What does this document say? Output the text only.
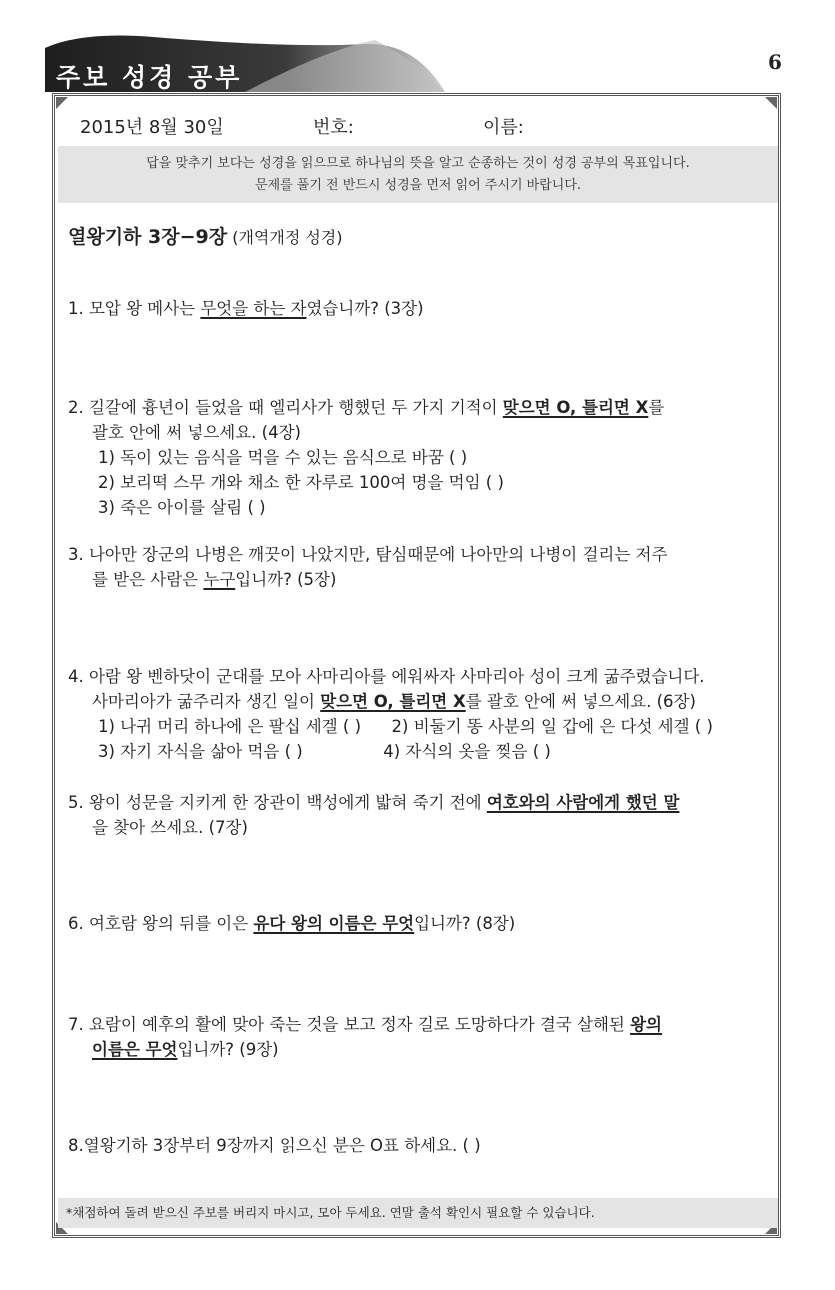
주보 성경 공부
6
2015년 8월 30일	번호:	이름:
답을 맞추기 보다는 성경을 읽으므로 하나님의 뜻을 알고 순종하는 것이 성경 공부의 목표입니다.
문제를 풀기 전 반드시 성경을 먼저 읽어 주시기 바랍니다.
열왕기하 3장−9장 (개역개정 성경)
1. 모압 왕 메사는 무엇을 하는 자였습니까? (3장)
2. 길갈에 흉년이 들었을 때 엘리사가 행했던 두 가지 기적이 맞으면 O, 틀리면 X를
괄호 안에 써 넣으세요. (4장)
1) 독이 있는 음식을 먹을 수 있는 음식으로 바꿈 ( )
2) 보리떡 스무 개와 채소 한 자루로 100여 명을 먹임 ( )
3) 죽은 아이를 살림 ( )
3. 나아만 장군의 나병은 깨끗이 나았지만, 탐심때문에 나아만의 나병이 걸리는 저주
를 받은 사람은 누구입니까? (5장)
4. 아람 왕 벤하닷이 군대를 모아 사마리아를 에워싸자 사마리아 성이 크게 굶주렸습니다.
사마리아가 굶주리자 생긴 일이 맞으면 O, 틀리면 X를 괄호 안에 써 넣으세요. (6장)
1) 나귀 머리 하나에 은 팔십 세겔 ( ) 2) 비둘기 똥 사분의 일 갑에 은 다섯 세겔 ( )
3) 자기 자식을 삶아 먹음 ( )	4) 자식의 옷을 찢음 ( )
5. 왕이 성문을 지키게 한 장관이 백성에게 밟혀 죽기 전에 여호와의 사람에게 했던 말
을 찾아 쓰세요. (7장)
6. 여호람 왕의 뒤를 이은 유다 왕의 이름은 무엇입니까? (8장)
7. 요람이 예후의 활에 맞아 죽는 것을 보고 정자 길로 도망하다가 결국 살해된 왕의
이름은 무엇입니까? (9장)
8.열왕기하 3장부터 9장까지 읽으신 분은 O표 하세요. ( )
*채점하여 돌려 받으신 주보를 버리지 마시고, 모아 두세요. 연말 출석 확인시 필요할 수 있습니다.
